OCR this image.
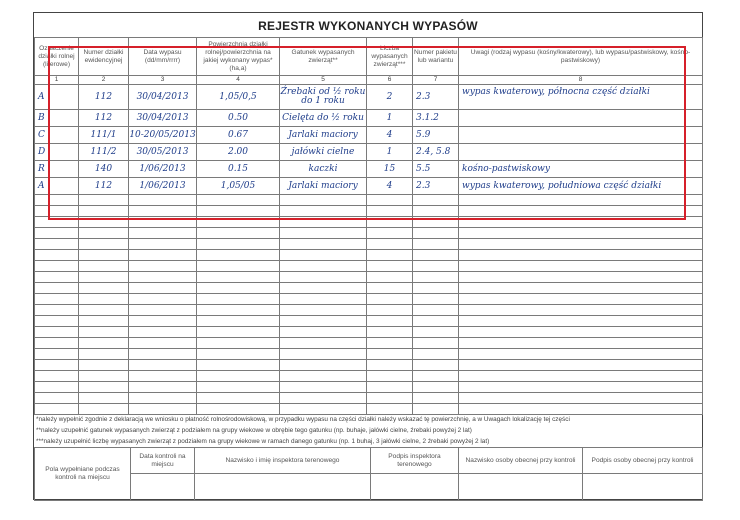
REJESTR WYKONANYCH WYPASÓW
Oznaczenie działki rolnej (literowe)	Numer działki ewidencyjnej	Data wypasu (dd/mm/rrrr)	Powierzchnia działki rolnej/powierzchnia na jakiej wykonany wypas* (ha,a)	Gatunek wypasanych zwierząt**	Liczba wypasanych zwierząt***	Numer pakietu lub wariantu	Uwagi (rodzaj wypasu (kośny/kwaterowy), lub wypasu/pastwiskowy, kośno-pastwiskowy)
1	2	3	4	5	6	7	8
A	112	30/04/2013	1,05/0,5	Źrebaki od ½ roku do 1 roku	2	2.3	wypas kwaterowy, północna część działki
B	112	30/04/2013	0.50	Cielęta do ½ roku	1	3.1.2	
C	111/1	10-20/05/2013	0.67	Jarlaki maciory	4	5.9	
D	111/2	30/05/2013	2.00	jałówki cielne	1	2.4, 5.8	
R	140	1/06/2013	0.15	kaczki	15	5.5	kośno-pastwiskowy
A	112	1/06/2013	1,05/05	Jarlaki maciory	4	2.3	wypas kwaterowy, południowa część działki

*należy wypełnić zgodnie z deklaracją we wniosku o płatność rolnośrodowiskową, w przypadku wypasu na części działki należy wskazać tę powierzchnię, a w Uwagach lokalizację tej części
**należy uzupełnić gatunek wypasanych zwierząt z podziałem na grupy wiekowe w obrębie tego gatunku (np. buhaje, jałówki cielne, źrebaki powyżej 2 lat)
***należy uzupełnić liczbę wypasanych zwierząt z podziałem na grupy wiekowe w ramach danego gatunku (np. 1 buhaj, 3 jałówki cielne, 2 źrebaki powyżej 2 lat)
Pola wypełniane podczas kontroli na miejscu	Data kontroli na miejscu	Nazwisko i imię inspektora terenowego	Podpis inspektora terenowego	Nazwisko osoby obecnej przy kontroli	Podpis osoby obecnej przy kontroli
